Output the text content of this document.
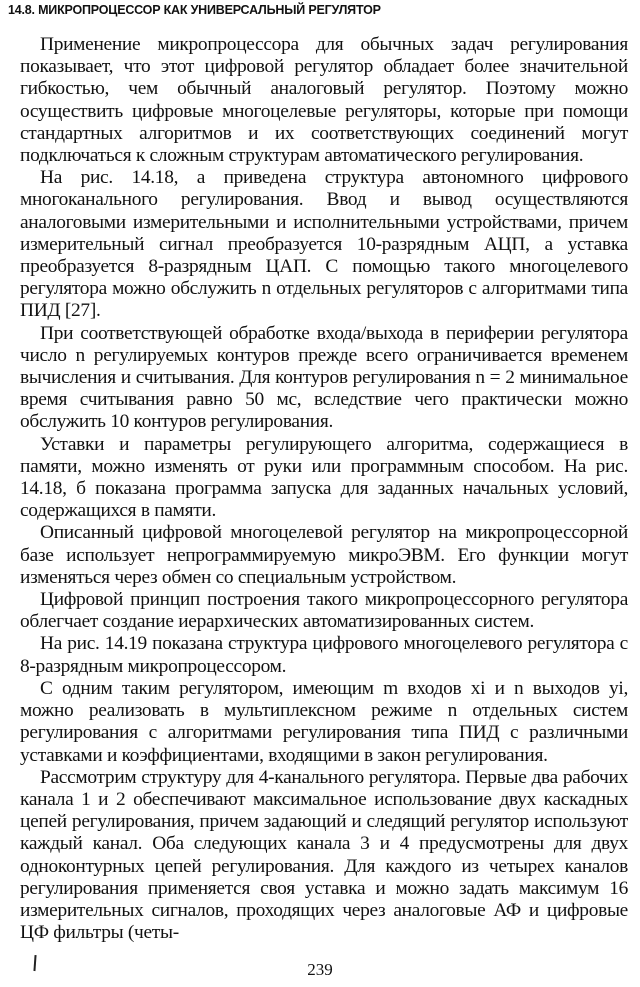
14.8. МИКРОПРОЦЕССОР КАК УНИВЕРСАЛЬНЫЙ РЕГУЛЯТОР

Применение микропроцессора для обычных задач регулирования показывает, что этот цифровой регулятор обладает более значительной гибкостью, чем обычный аналоговый регулятор. Поэтому можно осуществить цифровые многоцелевые регуляторы, которые при помощи стандартных алгоритмов и их соответствующих соединений могут подключаться к сложным структурам автоматического регулирования.

На рис. 14.18, а приведена структура автономного цифрового многоканального регулирования. Ввод и вывод осуществляются аналоговыми измерительными и исполнительными устройствами, причем измерительный сигнал преобразуется 10-разрядным АЦП, а уставка преобразуется 8-разрядным ЦАП. С помощью такого многоцелевого регулятора можно обслужить n отдельных регуляторов с алгоритмами типа ПИД [27].

При соответствующей обработке входа/выхода в периферии регулятора число n регулируемых контуров прежде всего ограничивается временем вычисления и считывания. Для контуров регулирования n = 2 минимальное время считывания равно 50 мс, вследствие чего практически можно обслужить 10 контуров регулирования.

Уставки и параметры регулирующего алгоритма, содержащиеся в памяти, можно изменять от руки или программным способом. На рис. 14.18, б показана программа запуска для заданных начальных условий, содержащихся в памяти.

Описанный цифровой многоцелевой регулятор на микропроцессорной базе использует непрограммируемую микроЭВМ. Его функции могут изменяться через обмен со специальным устройством.

Цифровой принцип построения такого микропроцессорного регулятора облегчает создание иерархических автоматизированных систем.

На рис. 14.19 показана структура цифрового многоцелевого регулятора с 8-разрядным микропроцессором.

С одним таким регулятором, имеющим m входов xi и n выходов yi, можно реализовать в мультиплексном режиме n отдельных систем регулирования с алгоритмами регулирования типа ПИД с различными уставками и коэффициентами, входящими в закон регулирования.

Рассмотрим структуру для 4-канального регулятора. Первые два рабочих канала 1 и 2 обеспечивают максимальное использование двух каскадных цепей регулирования, причем задающий и следящий регулятор используют каждый канал. Оба следующих канала 3 и 4 предусмотрены для двух одноконтурных цепей регулирования. Для каждого из четырех каналов регулирования применяется своя уставка и можно задать максимум 16 измерительных сигналов, проходящих через аналоговые АФ и цифровые ЦФ фильтры (четы-

239
